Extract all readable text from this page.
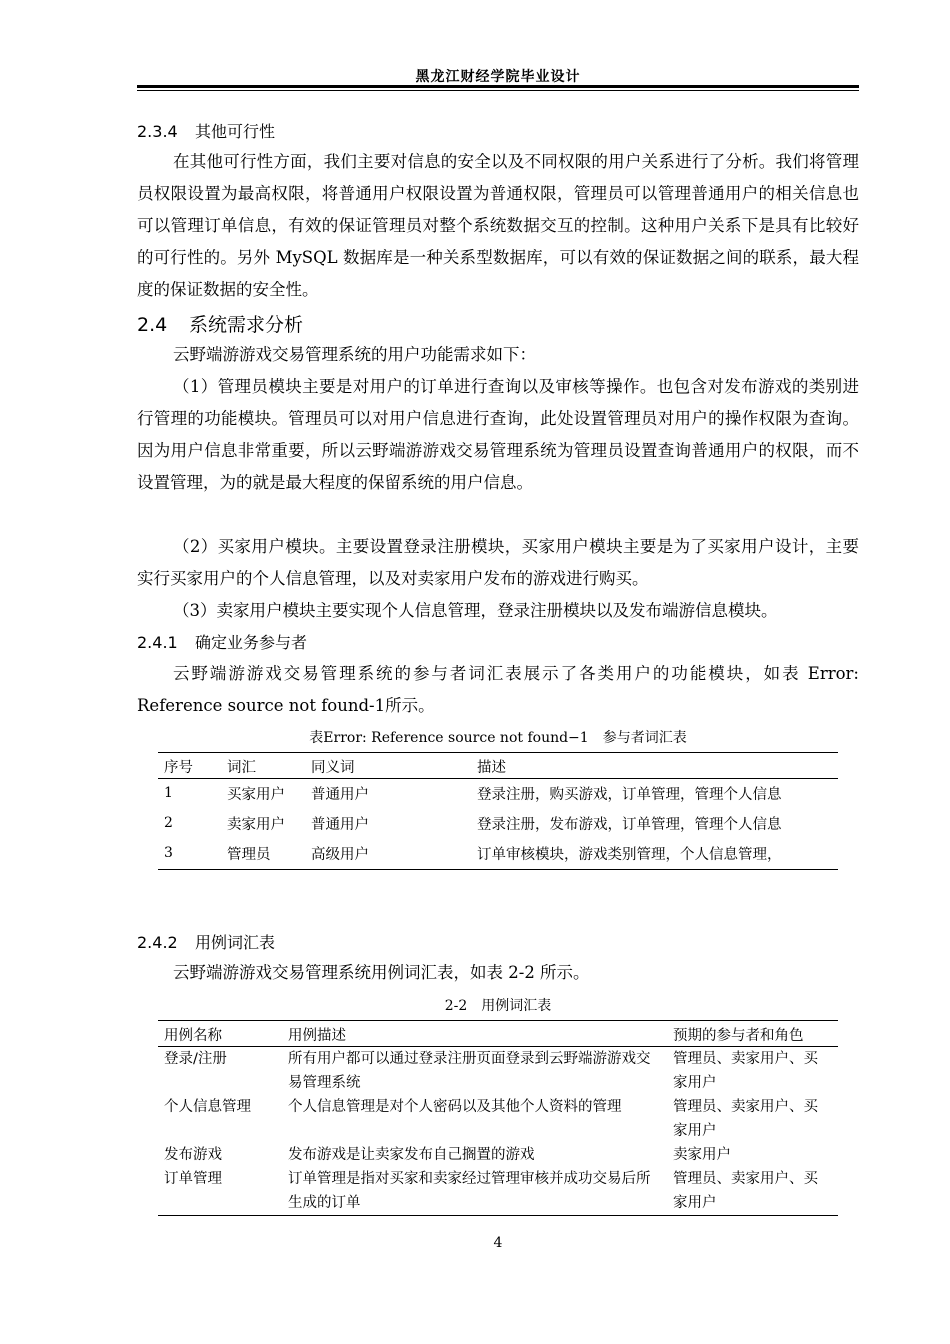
黑龙江财经学院毕业设计
2.3.4 其他可行性

在其他可行性方面，我们主要对信息的安全以及不同权限的用户关系进行了分析。我们将管理员权限设置为最高权限，将普通用户权限设置为普通权限，管理员可以管理普通用户的相关信息也可以管理订单信息，有效的保证管理员对整个系统数据交互的控制。这种用户关系下是具有比较好的可行性的。另外 MySQL 数据库是一种关系型数据库，可以有效的保证数据之间的联系，最大程度的保证数据的安全性。

2.4 系统需求分析

云野端游游戏交易管理系统的用户功能需求如下：

（1）管理员模块主要是对用户的订单进行查询以及审核等操作。也包含对发布游戏的类别进行管理的功能模块。管理员可以对用户信息进行查询，此处设置管理员对用户的操作权限为查询。因为用户信息非常重要，所以云野端游游戏交易管理系统为管理员设置查询普通用户的权限，而不设置管理，为的就是最大程度的保留系统的用户信息。

（2）买家用户模块。主要设置登录注册模块，买家用户模块主要是为了买家用户设计，主要实行买家用户的个人信息管理，以及对卖家用户发布的游戏进行购买。

（3）卖家用户模块主要实现个人信息管理，登录注册模块以及发布端游信息模块。

2.4.1 确定业务参与者

云野端游游戏交易管理系统的参与者词汇表展示了各类用户的功能模块，如表 Error: Reference source not found-1所示。

表Error: Reference source not found−1　参与者词汇表
序号	词汇	同义词	描述
1	买家用户	普通用户	登录注册，购买游戏，订单管理，管理个人信息
2	卖家用户	普通用户	登录注册，发布游戏，订单管理，管理个人信息
3	管理员	高级用户	订单审核模块，游戏类别管理，个人信息管理，
2.4.2 用例词汇表

云野端游游戏交易管理系统用例词汇表，如表 2-2 所示。

2-2　用例词汇表
用例名称	用例描述	预期的参与者和角色
登录/注册	所有用户都可以通过登录注册页面登录到云野端游游戏交易管理系统	管理员、卖家用户、买家用户
个人信息管理	个人信息管理是对个人密码以及其他个人资料的管理	管理员、卖家用户、买家用户
发布游戏	发布游戏是让卖家发布自己搁置的游戏	卖家用户
订单管理	订单管理是指对买家和卖家经过管理审核并成功交易后所生成的订单	管理员、卖家用户、买家用户
4
